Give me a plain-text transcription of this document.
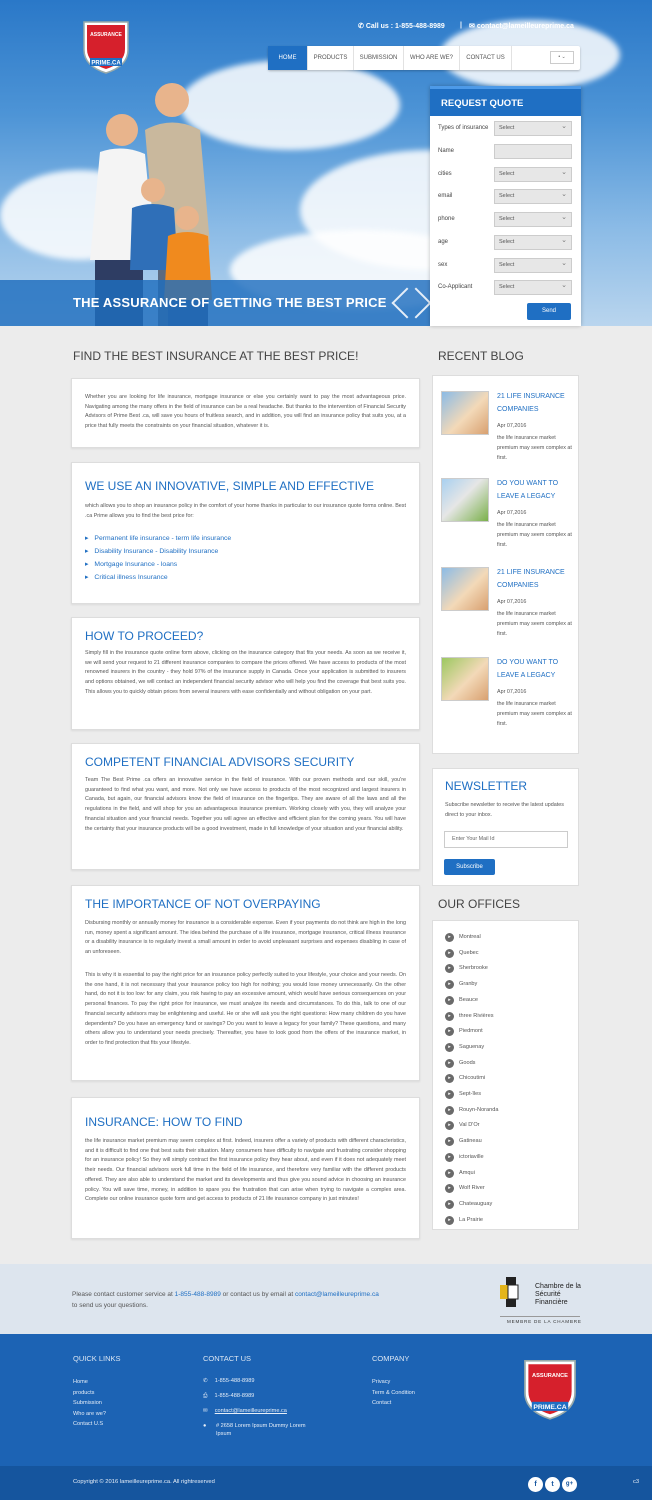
THE ASSURANCE OF GETTING THE BEST PRICE
PRIME.CA
ASSURANCE
✆ Call us : 1-855-488-8989 | ✉ contact@lameilleureprime.ca
HOME	PRODUCTS	SUBMISSION	WHO ARE WE?	CONTACT US	• ⌄
REQUEST QUOTE
Types of insurance	Select ⌄
Name
cities	Select ⌄
email	Select ⌄
phone	Select ⌄
age	Select ⌄
sex	Select ⌄
Co-Applicant	Select ⌄
Send
FIND THE BEST INSURANCE AT THE BEST PRICE!

Whether you are looking for life insurance, mortgage insurance or else you certainly want to pay the most advantageous price. Navigating among the many offers in the field of insurance can be a real headache. But thanks to the intervention of Financial Security Advisors of Prime Best .ca, will save you hours of fruitless search, and in addition, you will find an insurance policy that suits you, at a price that fully meets the constraints on your financial situation, whatever it is.

WE USE AN INNOVATIVE, SIMPLE AND EFFECTIVE

which allows you to shop an insurance policy in the comfort of your home thanks in particular to our insurance quote forms online. Best .ca Prime allows you to find the best price for:

▸ Permanent life insurance - term life insurance
▸ Disability Insurance - Disability Insurance
▸ Mortgage Insurance - loans
▸ Critical illness Insurance
HOW TO PROCEED?

Simply fill in the insurance quote online form above, clicking on the insurance category that fits your needs. As soon as we receive it, we will send your request to 21 different insurance companies to compare the prices offered. We have access to products of the most renowned insurers in the country - they hold 97% of the insurance supply in Canada. Once your application is submitted to insurers and options obtained, we will contact an independent financial security advisor who will help you find the coverage that best suits you. This allows you to quickly obtain prices from several insurers with ease confidentially and without obligation on your part.

COMPETENT FINANCIAL ADVISORS SECURITY

Team The Best Prime .ca offers an innovative service in the field of insurance. With our proven methods and our skill, you're guaranteed to find what you want, and more. Not only we have access to products of the most recognized and largest insurers in Canada, but again, our financial advisors know the field of insurance on the fingertips. They are aware of all the laws and all the regulations in the field, and will shop for you an advantageous insurance premium. Working closely with you, they will analyze your financial situation and your financial needs. Together you will agree an effective and efficient plan for the coming years. You will have the certainty that your insurance products will be a good investment, made in full knowledge of your situation and your financial ability.

THE IMPORTANCE OF NOT OVERPAYING

Disbursing monthly or annually money for insurance is a considerable expense. Even if your payments do not think are high in the long run, money spent a significant amount. The idea behind the purchase of a life insurance, mortgage insurance, critical illness insurance or a disability insurance is to regularly invest a small amount in order to avoid unpleasant surprises and expenses disabling in case of an unforeseen.

This is why it is essential to pay the right price for an insurance policy perfectly suited to your lifestyle, your choice and your needs. On the one hand, it is not necessary that your insurance policy too high for nothing; you would lose money unnecessarily. On the other hand, do not it is too low: for any claim, you risk having to pay an excessive amount, which would have serious consequences on your personal finances. To pay the right price for insurance, we must analyze its needs and circumstances. To do this, talk to one of our financial security advisors may be enlightening and useful. He or she will ask you the right questions: How many children do you have dependents? Do you have an emergency fund or savings? Do you want to leave a legacy for your family? These questions, and many others allow you to understand your needs precisely. Thereafter, you have to look good from the offers of the insurance market, in order to find protection that fits your lifestyle.

INSURANCE: HOW TO FIND

the life insurance market premium may seem complex at first. Indeed, insurers offer a variety of products with different characteristics, and it is difficult to find one that best suits their situation. Many consumers have difficulty to navigate and frustrating consider shopping for an insurance policy! So they will simply contract the first insurance policy they hear about, and even if it does not adequately meet their needs. Our financial advisors work full time in the field of life insurance, and therefore very familiar with the different products offered. They are also able to understand the market and its developments and thus give you sound advice in choosing an insurance policy. You will save time, money, in addition to spare you the frustration that can arise when trying to navigate a complex area. Complete our online insurance quote form and get access to products of 21 life insurance company in just minutes!

RECENT BLOG
21 LIFE INSURANCE COMPANIES
Apr 07,2016
the life insurance market premium may seem complex at first.
DO YOU WANT TO LEAVE A LEGACY
Apr 07,2016
the life insurance market premium may seem complex at first.
21 LIFE INSURANCE COMPANIES
Apr 07,2016
the life insurance market premium may seem complex at first.
DO YOU WANT TO LEAVE A LEGACY
Apr 07,2016
the life insurance market premium may seem complex at first.
NEWSLETTER
Subscribe newsletter to receive the latest updates direct to your inbox.
Enter Your Mail Id
Subscribe
OUR OFFICES
▸ Montreal
▸ Quebec
▸ Sherbrooke
▸ Granby
▸ Beauce
▸ three Rivières
▸ Piedmont
▸ Saguenay
▸ Goods
▸ Chicoutimi
▸ Sept-îles
▸ Rouyn-Noranda
▸ Val D'Or
▸ Gatineau
▸ ictoriaville
▸ Amqui
▸ Wolf River
▸ Chateauguay
▸ La Prairie
Please contact customer service at 1-855-488-8989 or contact us by email at contact@lameilleureprime.ca
to send us your questions.
Chambre de la Sécurité Financière
MEMBRE DE LA CHAMBRE
QUICK LINKS
Home
products
Submission
Who are we?
Contact U.S
CONTACT US
✆ 1-855-488-8989
⎙ 1-855-488-8989
✉ contact@lameilleureprime.ca
● # 2658 Lorem Ipsum Dummy Lorem Ipsum
COMPANY
Privacy
Term & Condition
Contact
PRIME.CA
ASSURANCE
Copyright © 2016 lameilleureprime.ca. All rightreserved	c3
f	t	g+
